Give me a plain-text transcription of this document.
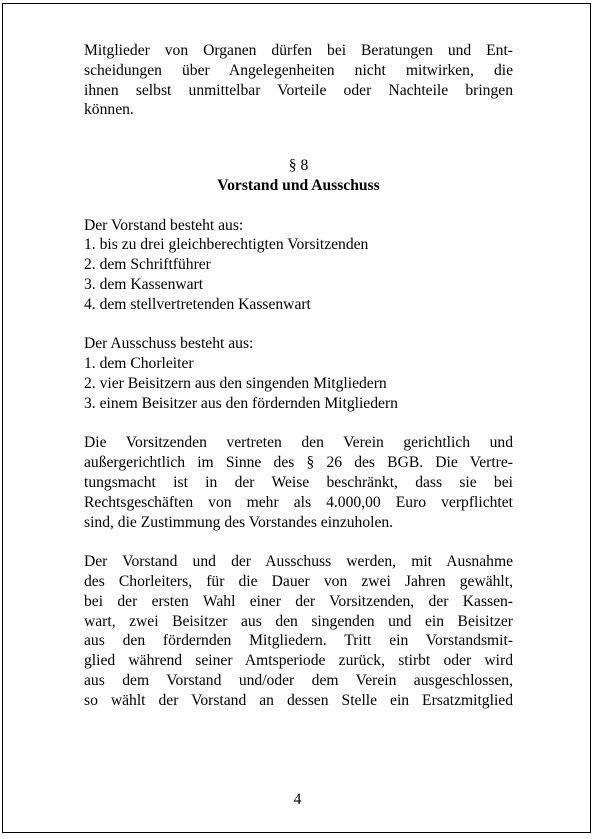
Mitglieder von Organen dürfen bei Beratungen und Ent-
scheidungen über Angelegenheiten nicht mitwirken, die
ihnen selbst unmittelbar Vorteile oder Nachteile bringen
können.

§ 8

Vorstand und Ausschuss

Der Vorstand besteht aus:
1. bis zu drei gleichberechtigten Vorsitzenden
2. dem Schriftführer
3. dem Kassenwart
4. dem stellvertretenden Kassenwart
Der Ausschuss besteht aus:
1. dem Chorleiter
2. vier Beisitzern aus den singenden Mitgliedern
3. einem Beisitzer aus den fördernden Mitgliedern

Die Vorsitzenden vertreten den Verein gerichtlich und
außergerichtlich im Sinne des § 26 des BGB. Die Vertre-
tungsmacht ist in der Weise beschränkt, dass sie bei
Rechtsgeschäften von mehr als 4.000,00 Euro verpflichtet
sind, die Zustimmung des Vorstandes einzuholen.

Der Vorstand und der Ausschuss werden, mit Ausnahme
des Chorleiters, für die Dauer von zwei Jahren gewählt,
bei der ersten Wahl einer der Vorsitzenden, der Kassen-
wart, zwei Beisitzer aus den singenden und ein Beisitzer
aus den fördernden Mitgliedern. Tritt ein Vorstandsmit-
glied während seiner Amtsperiode zurück, stirbt oder wird
aus dem Vorstand und/oder dem Verein ausgeschlossen,
so wählt der Vorstand an dessen Stelle ein Ersatzmitglied

4
